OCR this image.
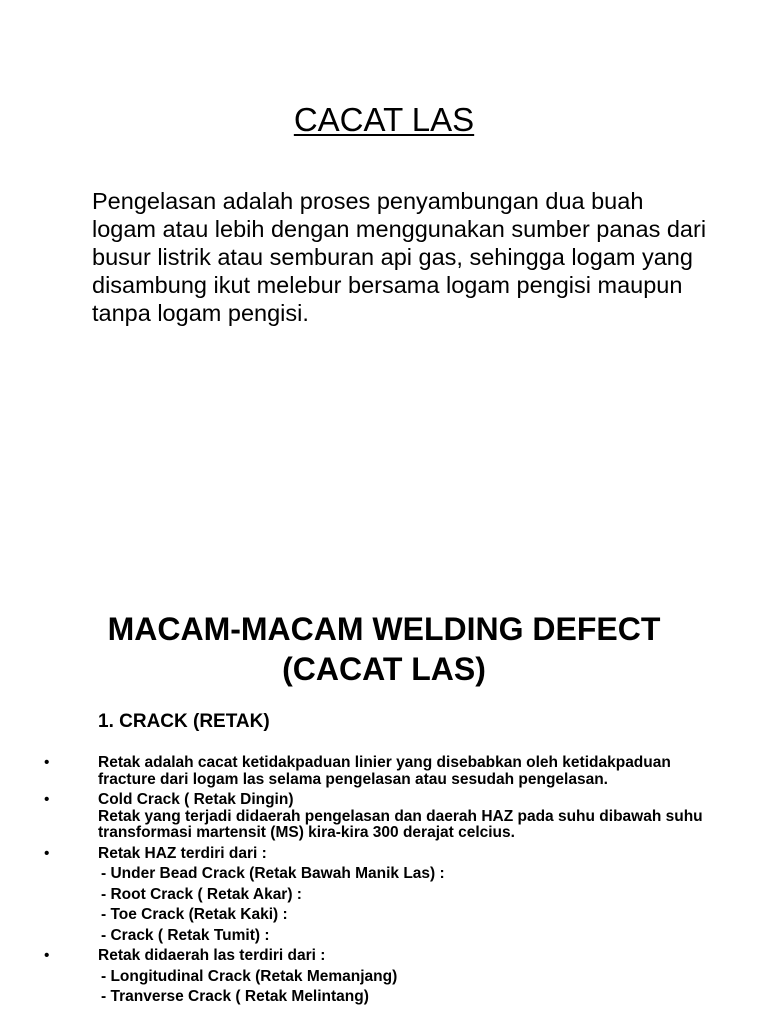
CACAT LAS

Pengelasan adalah proses penyambungan dua buah logam atau lebih dengan menggunakan sumber panas dari busur listrik atau semburan api gas, sehingga logam yang disambung ikut melebur bersama logam pengisi maupun tanpa logam pengisi.

MACAM-MACAM WELDING DEFECT
(CACAT LAS)
1. CRACK (RETAK)
•	Retak adalah cacat ketidakpaduan linier yang disebabkan oleh ketidakpaduan fracture dari logam las selama pengelasan atau sesudah pengelasan.
•	Cold Crack ( Retak Dingin)
Retak yang terjadi didaerah pengelasan dan daerah HAZ pada suhu dibawah suhu transformasi martensit (MS) kira-kira 300 derajat celcius.
•	Retak HAZ terdiri dari :
- Under Bead Crack (Retak Bawah Manik Las) :
- Root Crack ( Retak Akar) :
- Toe Crack (Retak Kaki) :
- Crack ( Retak Tumit) :
•	Retak didaerah las terdiri dari :
- Longitudinal Crack (Retak Memanjang)
- Tranverse Crack ( Retak Melintang)
